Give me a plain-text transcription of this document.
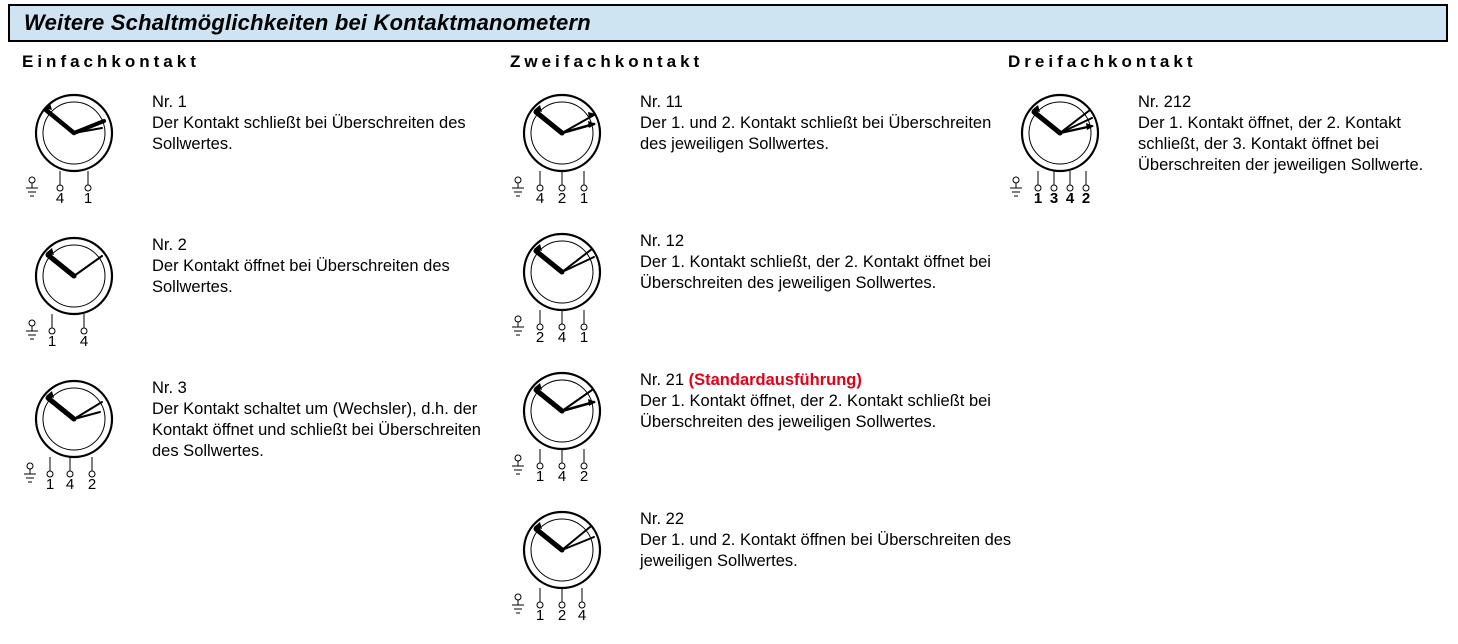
Weitere Schaltmöglichkeiten bei Kontaktmanometern
Einfachkontakt
4 1
Nr. 1
Der Kontakt schließt bei Überschreiten des Sollwertes.
1 4
Nr. 2
Der Kontakt öffnet bei Überschreiten des Sollwertes.
1 4 2
Nr. 3
Der Kontakt schaltet um (Wechsler), d.h. der Kontakt öffnet und schließt bei Überschreiten des Sollwertes.
Zweifachkontakt
4 2 1
Nr. 11
Der 1. und 2. Kontakt schließt bei Überschreiten des jeweiligen Sollwertes.
2 4 1
Nr. 12
Der 1. Kontakt schließt, der 2. Kontakt öffnet bei Überschreiten des jeweiligen Sollwertes.
1 4 2
Nr. 21 (Standardausführung)
Der 1. Kontakt öffnet, der 2. Kontakt schließt bei Überschreiten des jeweiligen Sollwertes.
1 2 4
Nr. 22
Der 1. und 2. Kontakt öffnen bei Überschreiten des jeweiligen Sollwertes.
Dreifachkontakt
1 3 4 2
Nr. 212
Der 1. Kontakt öffnet, der 2. Kontakt schließt, der 3. Kontakt öffnet bei Überschreiten der jeweiligen Sollwerte.
